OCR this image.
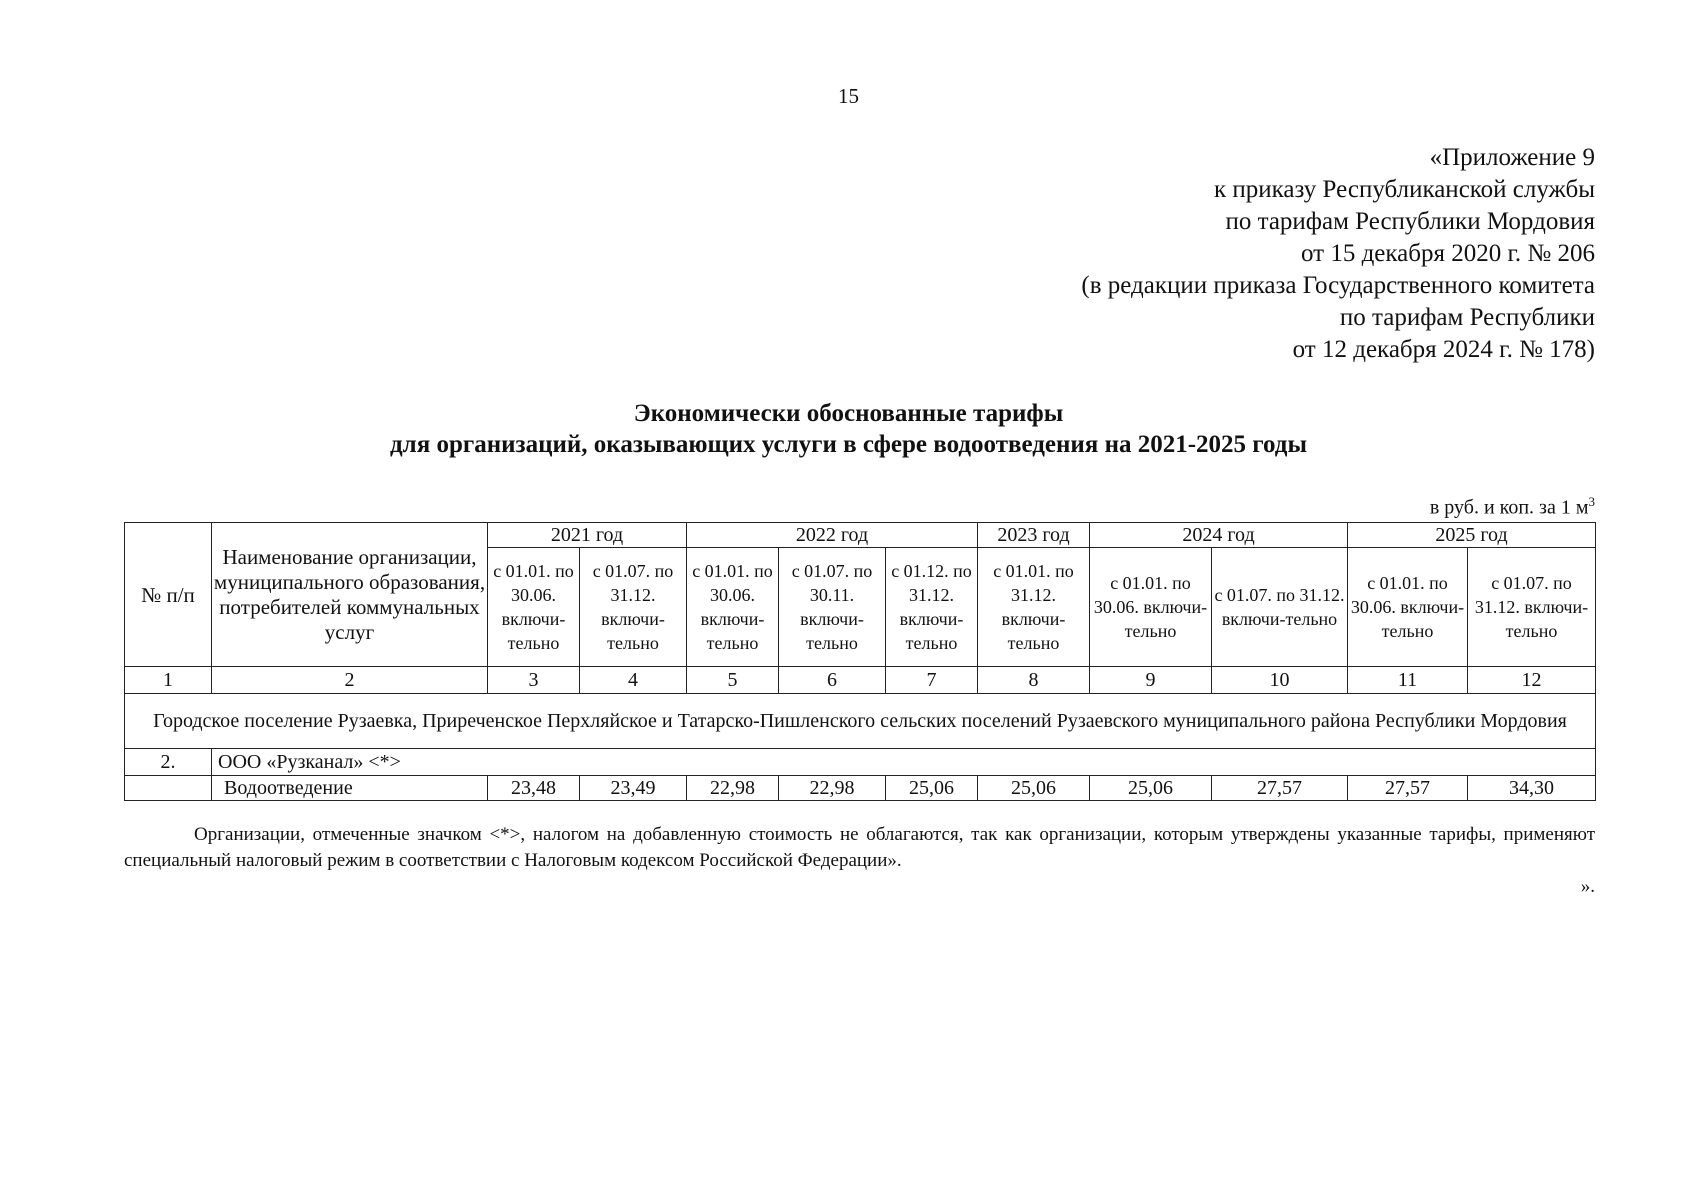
15
«Приложение 9
к приказу Республиканской службы
по тарифам Республики Мордовия
от 15 декабря 2020 г. № 206
(в редакции приказа Государственного комитета
по тарифам Республики
от 12 декабря 2024 г. № 178)
Экономически обоснованные тарифы
для организаций, оказывающих услуги в сфере водоотведения на 2021-2025 годы
в руб. и коп. за 1 $м^3$
№ п/п	Наименование организации, муниципального образования, потребителей коммунальных услуг	2021 год		2022 год			2023 год	2024 год		2025 год	
		с 01.01. по 30.06. включи-тельно	с 01.07. по 31.12. включи-тельно	с 01.01. по 30.06. включи-тельно	с 01.07. по 30.11. включи-тельно	с 01.12. по 31.12. включи-тельно	с 01.01. по 31.12. включи-тельно	с 01.01. по 30.06. включи-тельно	с 01.07. по 31.12. включи-тельно	с 01.01. по 30.06. включи-тельно	с 01.07. по 31.12. включи-тельно
1	2	3	4	5	6	7	8	9	10	11	12
Городское поселение Рузаевка, Приреченское Перхляйское и Татарско-Пишленского сельских поселений Рузаевского муниципального района Республики Мордовия											
2.	ООО «Рузканал» <*>										
	Водоотведение	23,48	23,49	22,98	22,98	25,06	25,06	25,06	27,57	27,57	34,30

Организации, отмеченные значком <*>, налогом на добавленную стоимость не облагаются, так как организации, которым утверждены указанные тарифы, применяют специальный налоговый режим в соответствии с Налоговым кодексом Российской Федерации».

».
